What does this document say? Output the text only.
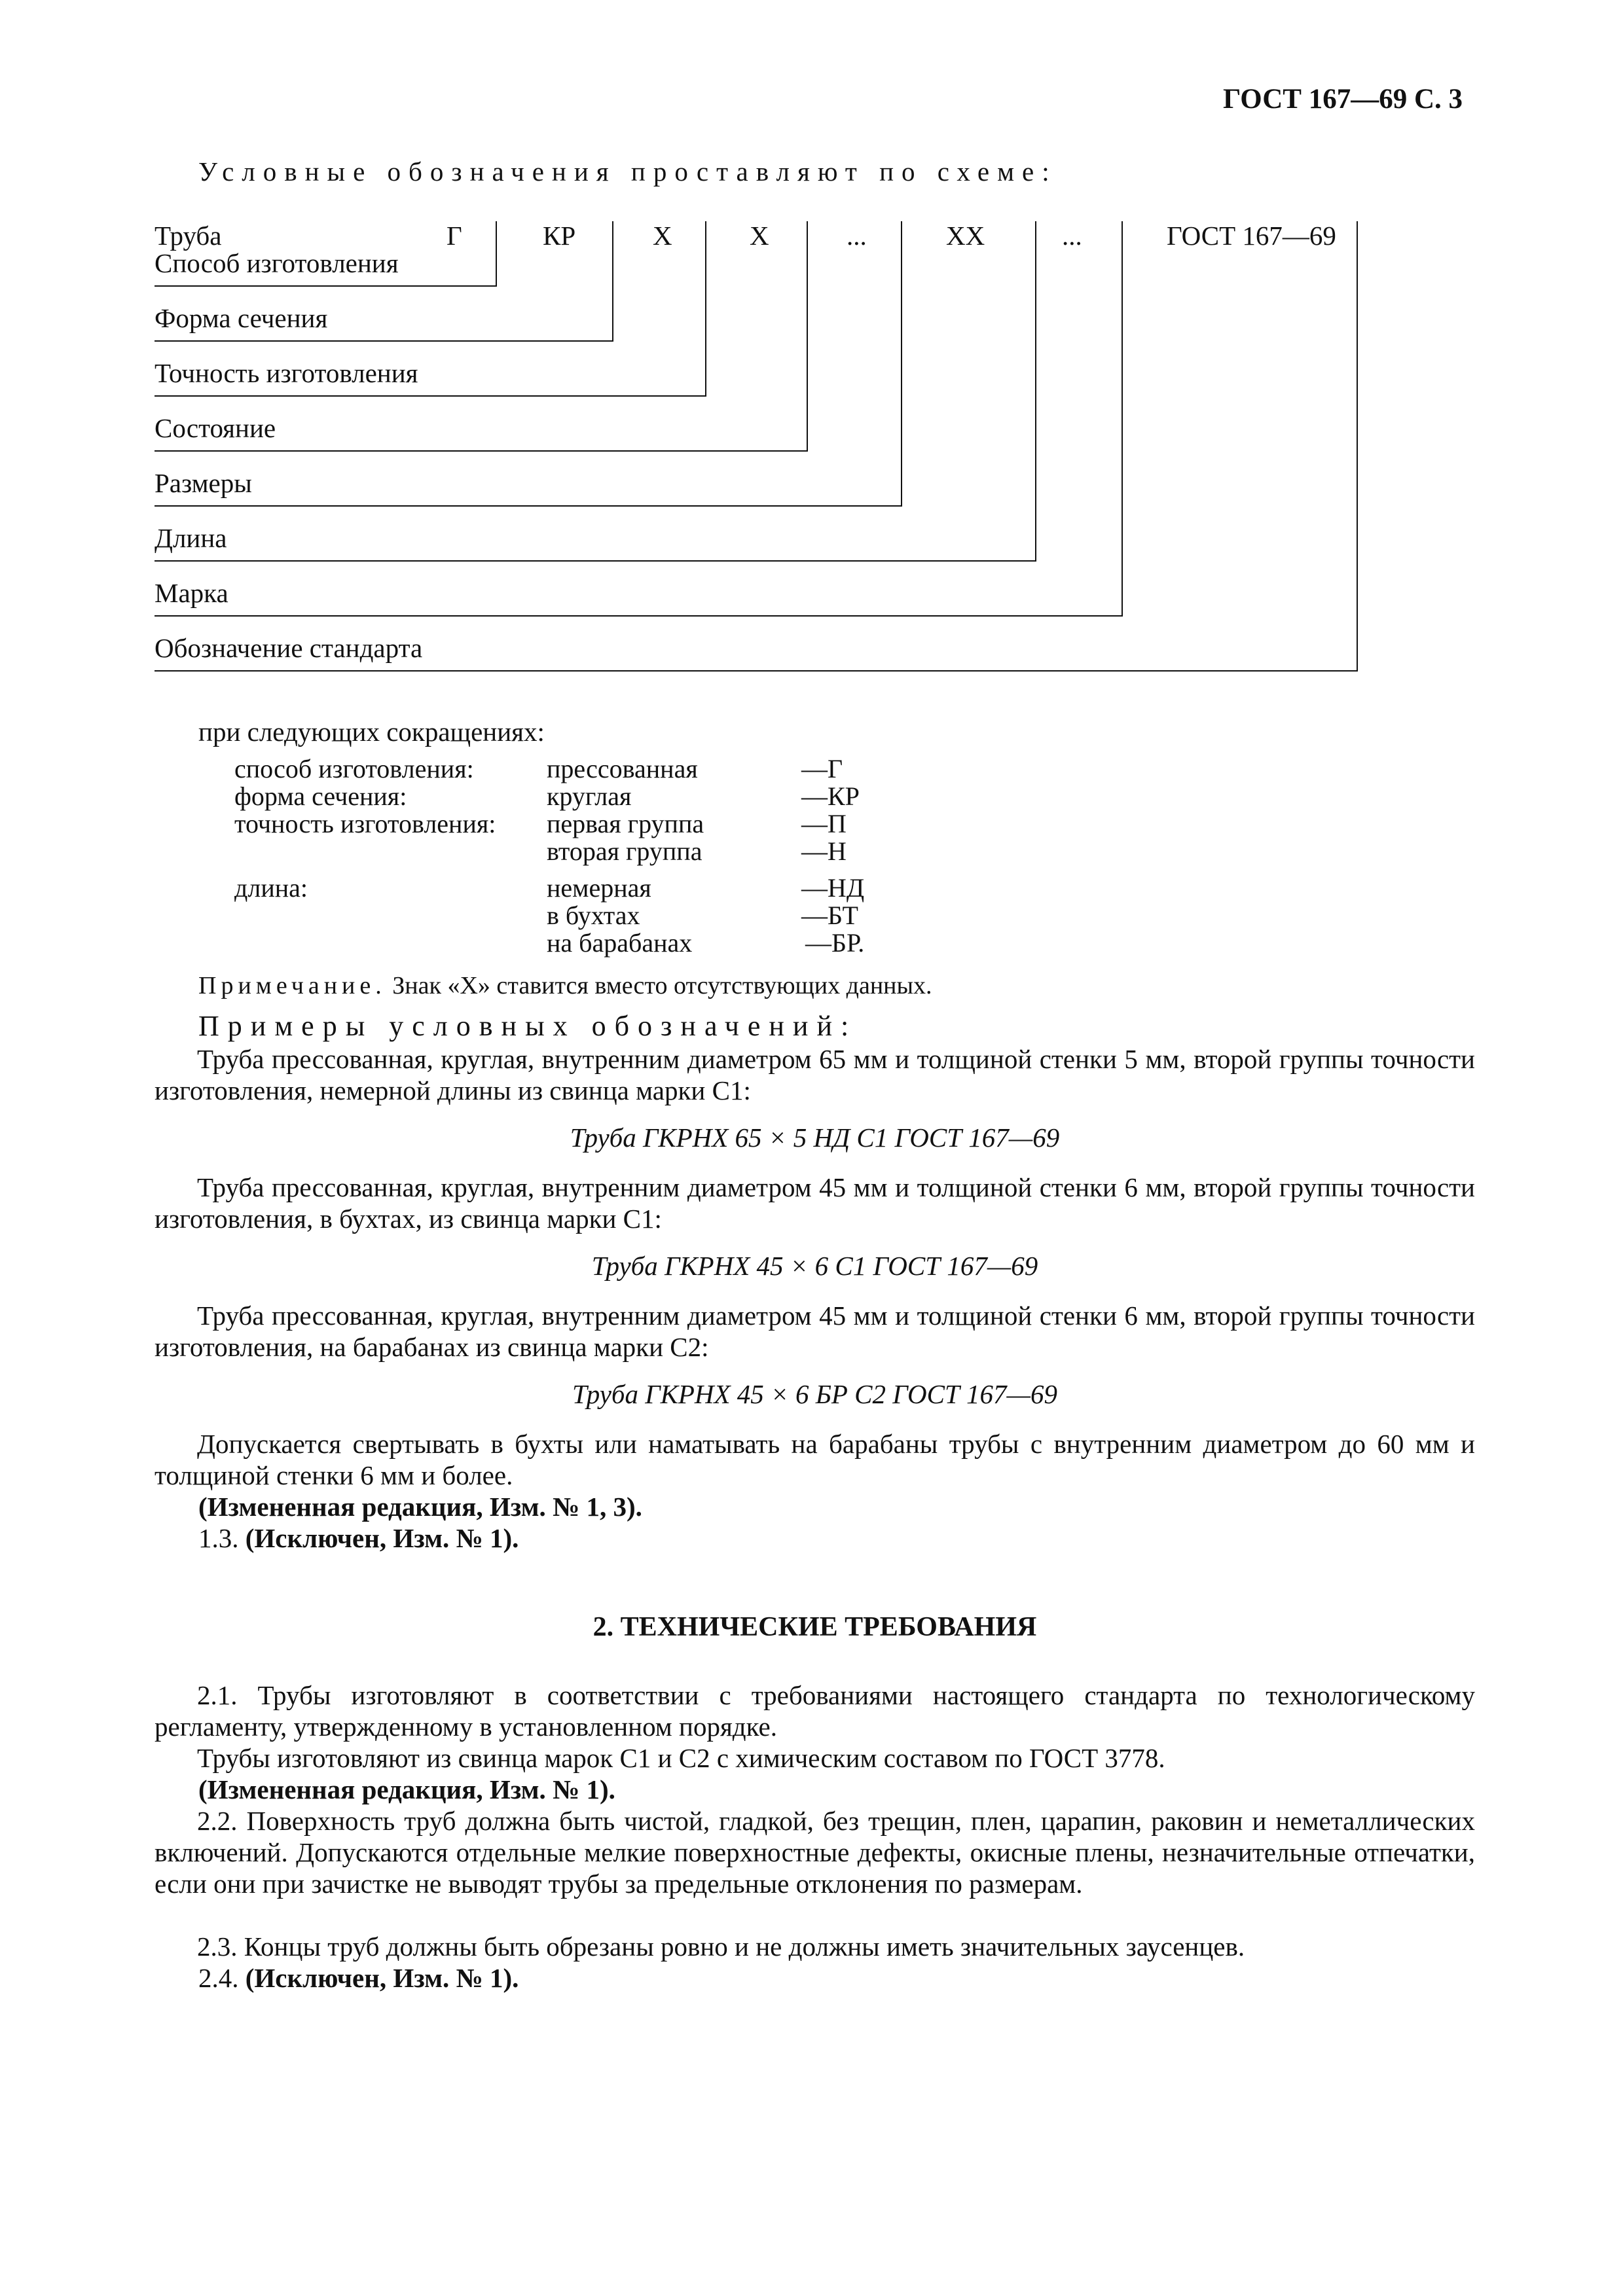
ГОСТ 167—69 С. 3
Условные обозначения проставляют по схеме:
Труба	Г	КР	Х	Х	...	ХХ	...	ГОСТ 167—69
Способ изготовления
Форма сечения
Точность изготовления
Состояние
Размеры
Длина
Марка
Обозначение стандарта
при следующих сокращениях:
способ изготовления:	прессованная	—Г
форма сечения:	круглая	—КР
точность изготовления: первая группа	—П
вторая группа	—Н
длина:	немерная	—НД
в бухтах	—БТ
на барабанах	—БР.
Примечание. Знак «Х» ставится вместо отсутствующих данных.
Примеры условных обозначений:
Труба прессованная, круглая, внутренним диаметром 65 мм и толщиной стенки 5 мм, второй группы точности изготовления, немерной длины из свинца марки С1:
Труба ГКРНХ 65 × 5 НД С1 ГОСТ 167—69
Труба прессованная, круглая, внутренним диаметром 45 мм и толщиной стенки 6 мм, второй группы точности изготовления, в бухтах, из свинца марки С1:
Труба ГКРНХ 45 × 6 С1 ГОСТ 167—69
Труба прессованная, круглая, внутренним диаметром 45 мм и толщиной стенки 6 мм, второй группы точности изготовления, на барабанах из свинца марки С2:
Труба ГКРНХ 45 × 6 БР С2 ГОСТ 167—69
Допускается свертывать в бухты или наматывать на барабаны трубы с внутренним диаметром до 60 мм и толщиной стенки 6 мм и более.
(Измененная редакция, Изм. № 1, 3).
1.3. (Исключен, Изм. № 1).
2. ТЕХНИЧЕСКИЕ ТРЕБОВАНИЯ
2.1. Трубы изготовляют в соответствии с требованиями настоящего стандарта по технологическому регламенту, утвержденному в установленном порядке.
Трубы изготовляют из свинца марок С1 и С2 с химическим составом по ГОСТ 3778.
(Измененная редакция, Изм. № 1).
2.2. Поверхность труб должна быть чистой, гладкой, без трещин, плен, царапин, раковин и неметаллических включений. Допускаются отдельные мелкие поверхностные дефекты, окисные плены, незначительные отпечатки, если они при зачистке не выводят трубы за предельные отклонения по размерам.
2.3. Концы труб должны быть обрезаны ровно и не должны иметь значительных заусенцев.
2.4. (Исключен, Изм. № 1).
